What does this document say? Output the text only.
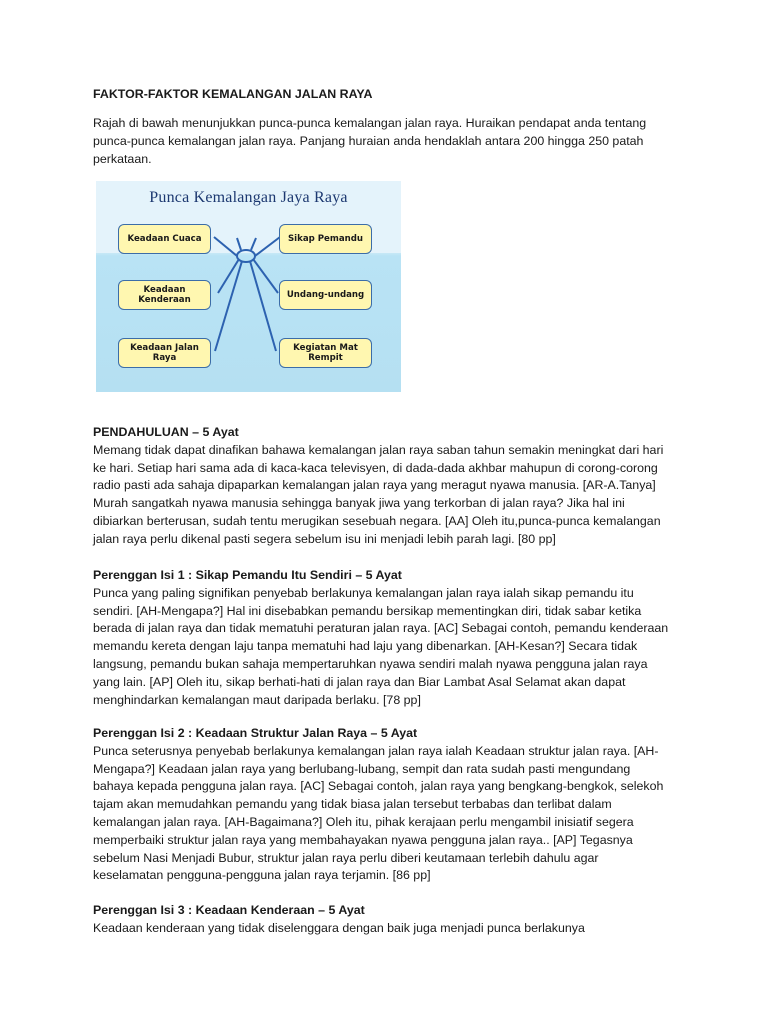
FAKTOR-FAKTOR KEMALANGAN JALAN RAYA
Rajah di bawah menunjukkan punca-punca kemalangan jalan raya. Huraikan pendapat anda tentang punca-punca kemalangan jalan raya. Panjang huraian anda hendaklah antara 200 hingga 250 patah perkataan.
Punca Kemalangan Jaya Raya
Keadaan Cuaca	Sikap Pemandu
Keadaan
Kenderaan	Undang-undang
Keadaan Jalan
Raya
Kegiatan Mat
Rempit
PENDAHULUAN – 5 Ayat

Memang tidak dapat dinafikan bahawa kemalangan jalan raya saban tahun semakin meningkat dari hari ke hari. Setiap hari sama ada di kaca-kaca televisyen, di dada-dada akhbar mahupun di corong-corong radio pasti ada sahaja dipaparkan kemalangan jalan raya yang meragut nyawa manusia. [AR-A.Tanya] Murah sangatkah nyawa manusia sehingga banyak jiwa yang terkorban di jalan raya? Jika hal ini dibiarkan berterusan, sudah tentu merugikan sesebuah negara. [AA] Oleh itu,punca-punca kemalangan jalan raya perlu dikenal pasti segera sebelum isu ini menjadi lebih parah lagi. [80 pp]

Perenggan Isi 1 : Sikap Pemandu Itu Sendiri – 5 Ayat

Punca yang paling signifikan penyebab berlakunya kemalangan jalan raya ialah sikap pemandu itu sendiri. [AH-Mengapa?] Hal ini disebabkan pemandu bersikap mementingkan diri, tidak sabar ketika berada di jalan raya dan tidak mematuhi peraturan jalan raya. [AC] Sebagai contoh, pemandu kenderaan memandu kereta dengan laju tanpa mematuhi had laju yang dibenarkan. [AH-Kesan?] Secara tidak langsung, pemandu bukan sahaja mempertaruhkan nyawa sendiri malah nyawa pengguna jalan raya yang lain. [AP] Oleh itu, sikap berhati-hati di jalan raya dan Biar Lambat Asal Selamat akan dapat menghindarkan kemalangan maut daripada berlaku. [78 pp]

Perenggan Isi 2 : Keadaan Struktur Jalan Raya – 5 Ayat

Punca seterusnya penyebab berlakunya kemalangan jalan raya ialah Keadaan struktur jalan raya. [AH-Mengapa?] Keadaan jalan raya yang berlubang-lubang, sempit dan rata sudah pasti mengundang bahaya kepada pengguna jalan raya. [AC] Sebagai contoh, jalan raya yang bengkang-bengkok, selekoh tajam akan memudahkan pemandu yang tidak biasa jalan tersebut terbabas dan terlibat dalam kemalangan jalan raya. [AH-Bagaimana?] Oleh itu, pihak kerajaan perlu mengambil inisiatif segera memperbaiki struktur jalan raya yang membahayakan nyawa pengguna jalan raya.. [AP] Tegasnya sebelum Nasi Menjadi Bubur, struktur jalan raya perlu diberi keutamaan terlebih dahulu agar keselamatan pengguna-pengguna jalan raya terjamin. [86 pp]

Perenggan Isi 3 : Keadaan Kenderaan – 5 Ayat

Keadaan kenderaan yang tidak diselenggara dengan baik juga menjadi punca berlakunya
